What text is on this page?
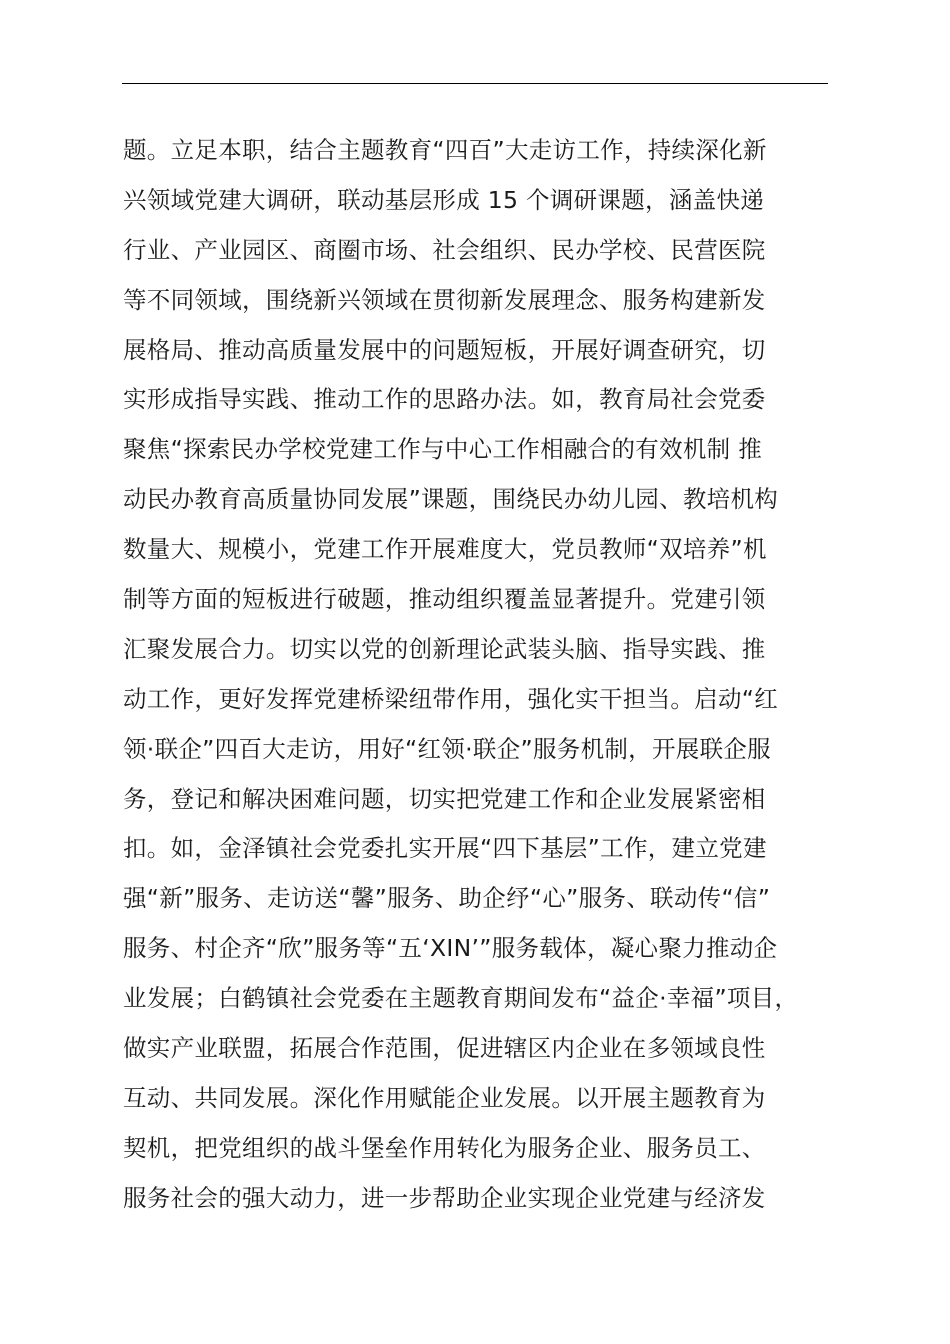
题。立足本职，结合主题教育“四百”大走访工作，持续深化新
兴领域党建大调研，联动基层形成 15 个调研课题，涵盖快递
行业、产业园区、商圈市场、社会组织、民办学校、民营医院
等不同领域，围绕新兴领域在贯彻新发展理念、服务构建新发
展格局、推动高质量发展中的问题短板，开展好调查研究，切
实形成指导实践、推动工作的思路办法。如，教育局社会党委
聚焦“探索民办学校党建工作与中心工作相融合的有效机制 推
动民办教育高质量协同发展”课题，围绕民办幼儿园、教培机构
数量大、规模小，党建工作开展难度大，党员教师“双培养”机
制等方面的短板进行破题，推动组织覆盖显著提升。党建引领
汇聚发展合力。切实以党的创新理论武装头脑、指导实践、推
动工作，更好发挥党建桥梁纽带作用，强化实干担当。启动“红
领·联企”四百大走访，用好“红领·联企”服务机制，开展联企服
务，登记和解决困难问题，切实把党建工作和企业发展紧密相
扣。如，金泽镇社会党委扎实开展“四下基层”工作，建立党建
强“新”服务、走访送“馨”服务、助企纾“心”服务、联动传“信”
服务、村企齐“欣”服务等“五‘XIN’”服务载体，凝心聚力推动企
业发展；白鹤镇社会党委在主题教育期间发布“益企·幸福”项目，
做实产业联盟，拓展合作范围，促进辖区内企业在多领域良性
互动、共同发展。深化作用赋能企业发展。以开展主题教育为
契机，把党组织的战斗堡垒作用转化为服务企业、服务员工、
服务社会的强大动力，进一步帮助企业实现企业党建与经济发
